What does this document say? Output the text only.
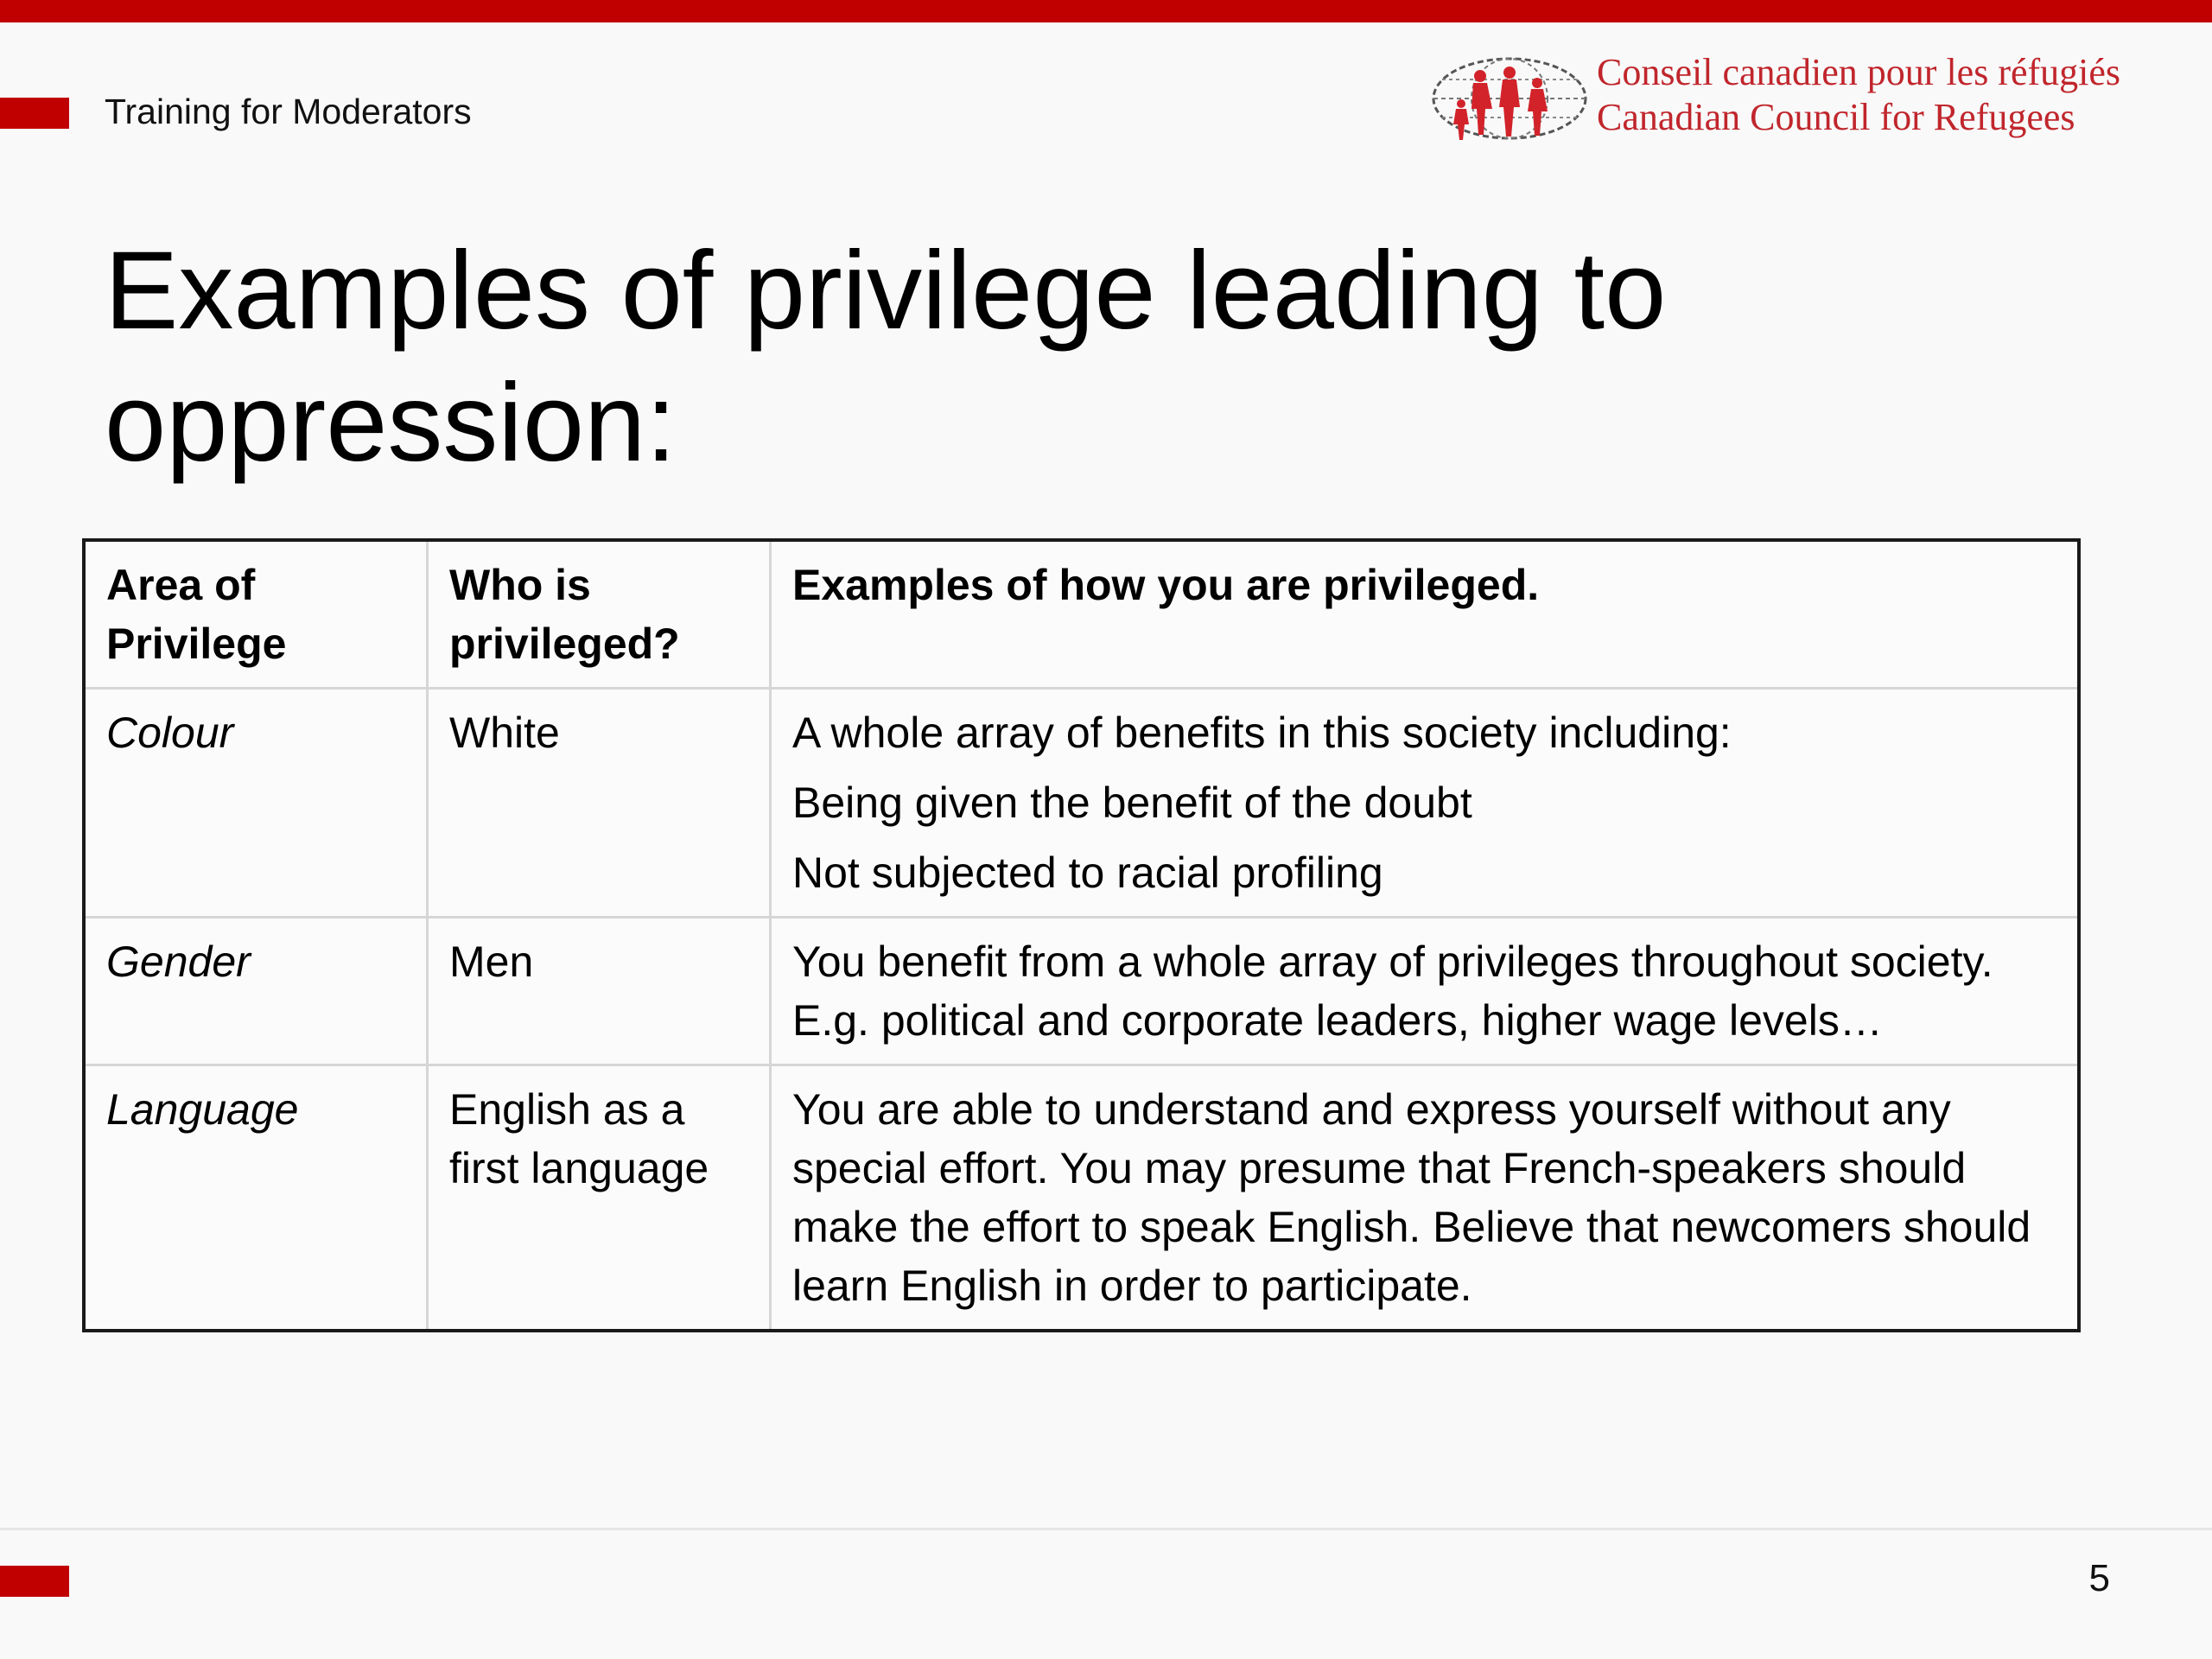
Training for Moderators
Conseil canadien pour les réfugiés
Canadian Council for Refugees
Examples of privilege leading to oppression:
Area of Privilege	Who is privileged?	Examples of how you are privileged.
Colour	White	A whole array of benefits in this society including:
Being given the benefit of the doubt
Not subjected to racial profiling

Gender	Men	You benefit from a whole array of privileges throughout society. E.g. political and corporate leaders, higher wage levels…

Language	English as a first language	You are able to understand and express yourself without any special effort. You may presume that French-speakers should make the effort to speak English. Believe that newcomers should learn English in order to participate.
5
